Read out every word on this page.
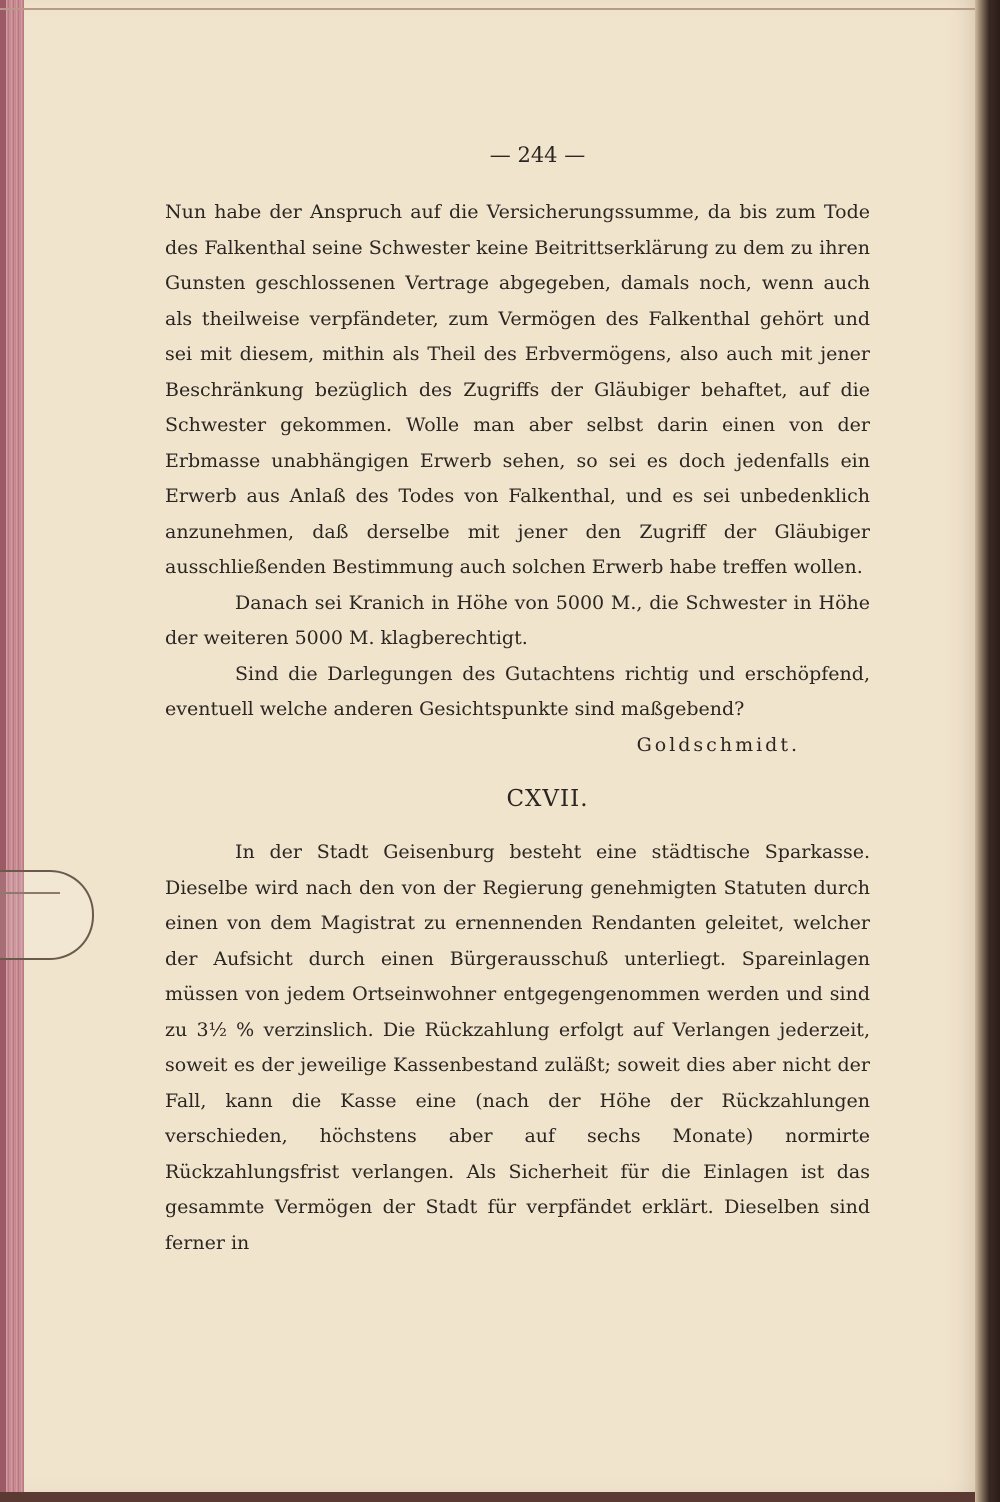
— 244 —

Nun habe der Anspruch auf die Versicherungssumme, da bis zum Tode des Falkenthal seine Schwester keine Beitrittserklärung zu dem zu ihren Gunsten geschlossenen Vertrage abgegeben, damals noch, wenn auch als theilweise verpfändeter, zum Vermögen des Falkenthal gehört und sei mit diesem, mithin als Theil des Erbvermögens, also auch mit jener Beschränkung bezüglich des Zugriffs der Gläubiger behaftet, auf die Schwester gekommen. Wolle man aber selbst darin einen von der Erbmasse unabhängigen Erwerb sehen, so sei es doch jedenfalls ein Erwerb aus Anlaß des Todes von Falkenthal, und es sei unbedenklich anzunehmen, daß derselbe mit jener den Zugriff der Gläubiger ausschließenden Bestimmung auch solchen Erwerb habe treffen wollen.

Danach sei Kranich in Höhe von 5000 M., die Schwester in Höhe der weiteren 5000 M. klagberechtigt.

Sind die Darlegungen des Gutachtens richtig und erschöpfend, eventuell welche anderen Gesichtspunkte sind maßgebend?

Goldschmidt.

CXVII.

In der Stadt Geisenburg besteht eine städtische Sparkasse. Dieselbe wird nach den von der Regierung genehmigten Statuten durch einen von dem Magistrat zu ernennenden Rendanten geleitet, welcher der Aufsicht durch einen Bürgerausschuß unterliegt. Spareinlagen müssen von jedem Ortseinwohner entgegengenommen werden und sind zu 3½ % verzinslich. Die Rückzahlung erfolgt auf Verlangen jederzeit, soweit es der jeweilige Kassenbestand zuläßt; soweit dies aber nicht der Fall, kann die Kasse eine (nach der Höhe der Rückzahlungen verschieden, höchstens aber auf sechs Monate) normirte Rückzahlungsfrist verlangen. Als Sicherheit für die Einlagen ist das gesammte Vermögen der Stadt für verpfändet erklärt. Dieselben sind ferner in
